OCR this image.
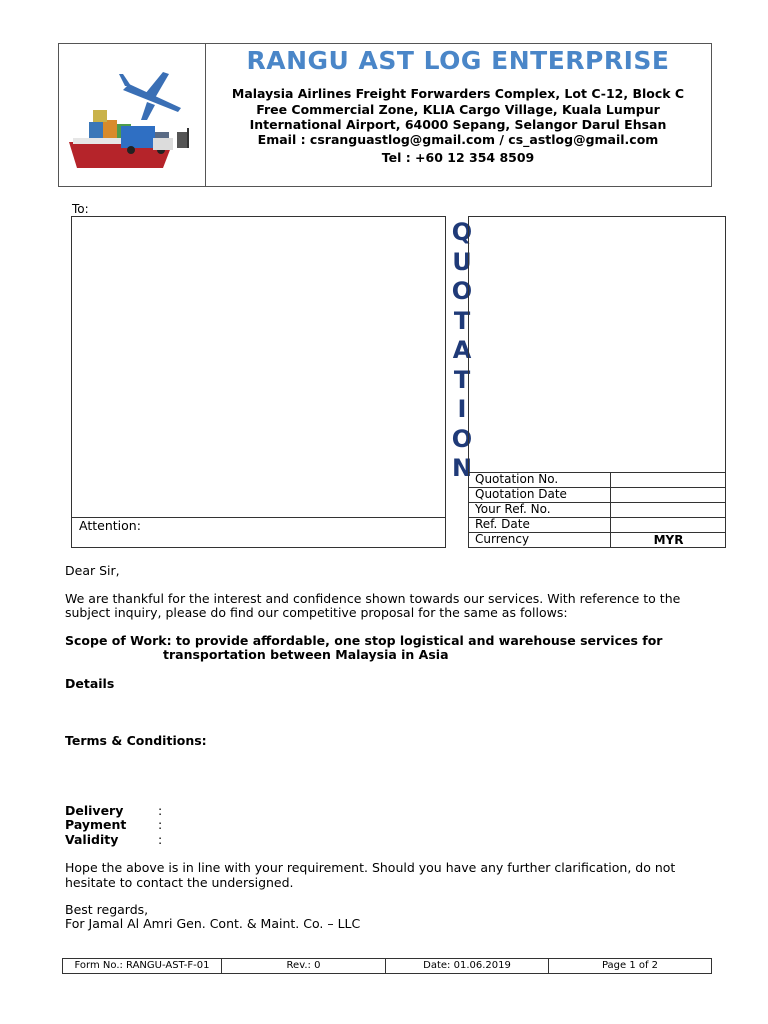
RANGU AST LOG ENTERPRISE
Malaysia Airlines Freight Forwarders Complex, Lot C-12, Block C
Free Commercial Zone, KLIA Cargo Village, Kuala Lumpur
International Airport, 64000 Sepang, Selangor Darul Ehsan
Email : csranguastlog@gmail.com / cs_astlog@gmail.com
Tel : +60 12 354 8509
To:
Attention:
Q
U
O
T
A
T
I
O
N Quotation No.
Quotation Date
Your Ref. No.
Ref. Date
Currency	MYR
Dear Sir,
We are thankful for the interest and confidence shown towards our services. With reference to the
subject inquiry, please do find our competitive proposal for the same as follows:
Scope of Work: to provide affordable, one stop logistical and warehouse services for
transportation between Malaysia in Asia
Details
Terms & Conditions:
Delivery	:
Payment	:
Validity	:
Hope the above is in line with your requirement. Should you have any further clarification, do not
hesitate to contact the undersigned.
Best regards,
For Jamal Al Amri Gen. Cont. & Maint. Co. – LLC
Form No.: RANGU-AST-F-01	Rev.: 0	Date: 01.06.2019	Page 1 of 2
